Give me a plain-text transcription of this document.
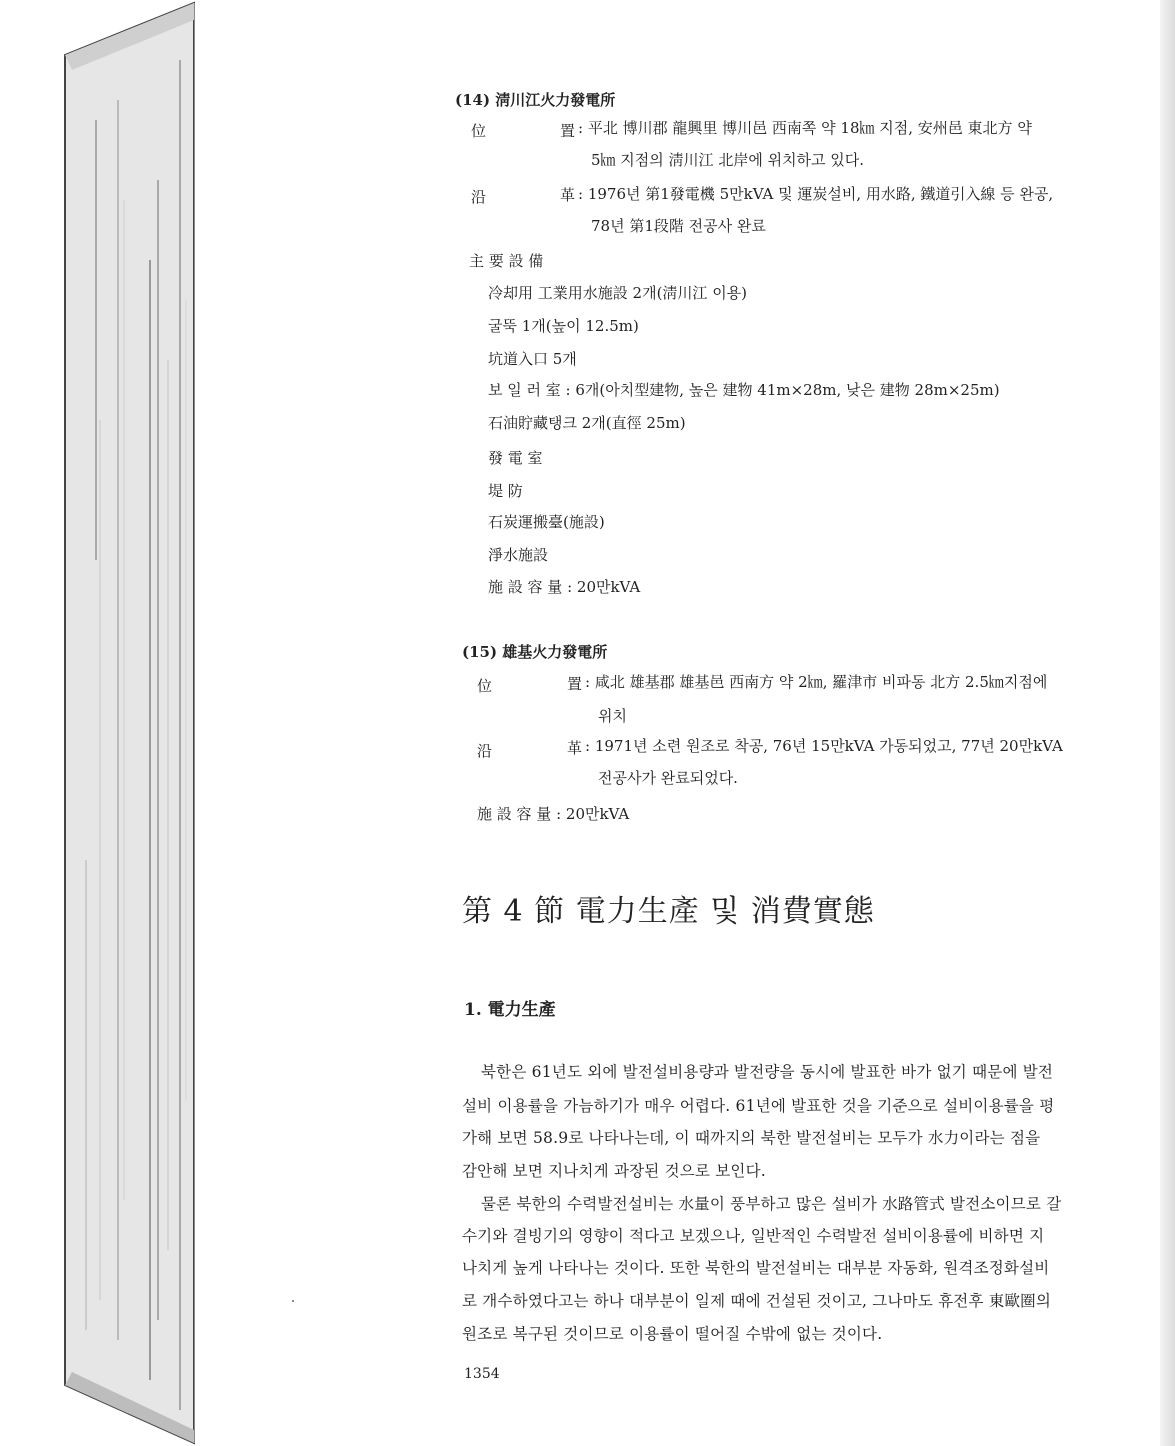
(14) 淸川江火力發電所
位	置 : 平北 博川郡 龍興里 博川邑 西南쪽 약 18㎞ 지점, 安州邑 東北方 약
5㎞ 지점의 淸川江 北岸에 위치하고 있다.
沿	革 : 1976년 第1發電機 5만kVA 및 運炭설비, 用水路, 鐵道引入線 등 완공,
78년 第1段階 전공사 완료
主 要 設 備
冷却用 工業用水施設 2개(淸川江 이용)
굴뚝 1개(높이 12.5m)
坑道入口 5개
보 일 러 室 : 6개(아치型建物, 높은 建物 41m×28m, 낮은 建物 28m×25m)
石油貯藏탱크 2개(直徑 25m)
發 電 室
堤 防
石炭運搬臺(施設)
淨水施設
施 設 容 量 : 20만kVA
(15) 雄基火力發電所
位	置 : 咸北 雄基郡 雄基邑 西南方 약 2㎞, 羅津市 비파동 北方 2.5㎞지점에
위치
沿	革 : 1971년 소련 원조로 착공, 76년 15만kVA 가동되었고, 77년 20만kVA
전공사가 완료되었다.
施 設 容 量 : 20만kVA
第 4 節 電力生產 및 消費實態
1. 電力生產
북한은 61년도 외에 발전설비용량과 발전량을 동시에 발표한 바가 없기 때문에 발전
설비 이용률을 가늠하기가 매우 어렵다. 61년에 발표한 것을 기준으로 설비이용률을 평
가해 보면 58.9로 나타나는데, 이 때까지의 북한 발전설비는 모두가 水力이라는 점을
감안해 보면 지나치게 과장된 것으로 보인다.
물론 북한의 수력발전설비는 水量이 풍부하고 많은 설비가 水路管式 발전소이므로 갈
수기와 결빙기의 영향이 적다고 보겠으나, 일반적인 수력발전 설비이용률에 비하면 지
나치게 높게 나타나는 것이다. 또한 북한의 발전설비는 대부분 자동화, 원격조정화설비
로 개수하였다고는 하나 대부분이 일제 때에 건설된 것이고, 그나마도 휴전후 東歐圈의
원조로 복구된 것이므로 이용률이 떨어질 수밖에 없는 것이다.
1354
